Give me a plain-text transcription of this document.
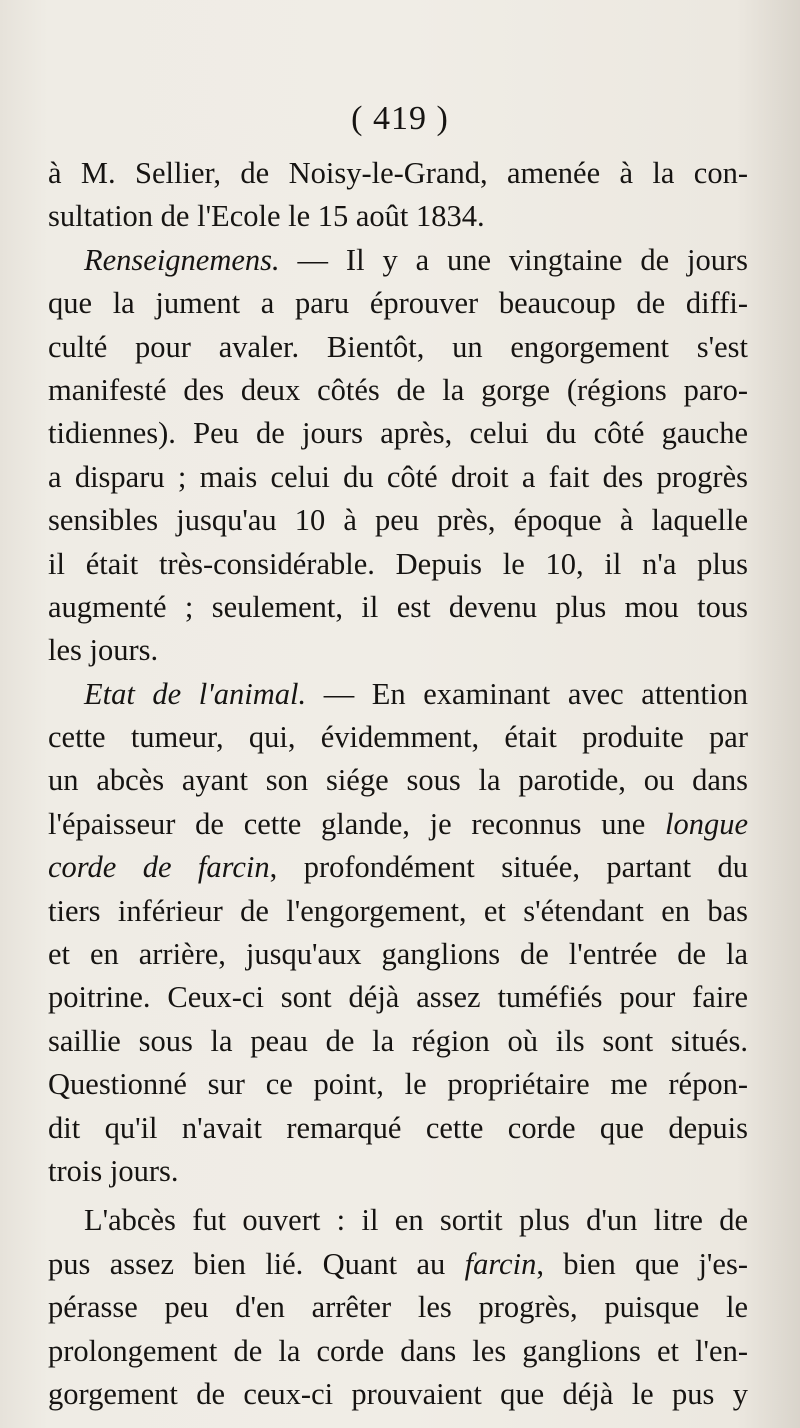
( 419 )
à M. Sellier, de Noisy-le-Grand, amenée à la con-
sultation de l'Ecole le 15 août 1834.
Renseignemens. — Il y a une vingtaine de jours
que la jument a paru éprouver beaucoup de diffi-
culté pour avaler. Bientôt, un engorgement s'est
manifesté des deux côtés de la gorge (régions paro-
tidiennes). Peu de jours après, celui du côté gauche
a disparu ; mais celui du côté droit a fait des progrès
sensibles jusqu'au 10 à peu près, époque à laquelle
il était très-considérable. Depuis le 10, il n'a plus
augmenté ; seulement, il est devenu plus mou tous
les jours.
Etat de l'animal. — En examinant avec attention
cette tumeur, qui, évidemment, était produite par
un abcès ayant son siége sous la parotide, ou dans
l'épaisseur de cette glande, je reconnus une longue
corde de farcin, profondément située, partant du
tiers inférieur de l'engorgement, et s'étendant en bas
et en arrière, jusqu'aux ganglions de l'entrée de la
poitrine. Ceux-ci sont déjà assez tuméfiés pour faire
saillie sous la peau de la région où ils sont situés.
Questionné sur ce point, le propriétaire me répon-
dit qu'il n'avait remarqué cette corde que depuis
trois jours.
L'abcès fut ouvert : il en sortit plus d'un litre de
pus assez bien lié. Quant au farcin, bien que j'es-
pérasse peu d'en arrêter les progrès, puisque le
prolongement de la corde dans les ganglions et l'en-
gorgement de ceux-ci prouvaient que déjà le pus y
